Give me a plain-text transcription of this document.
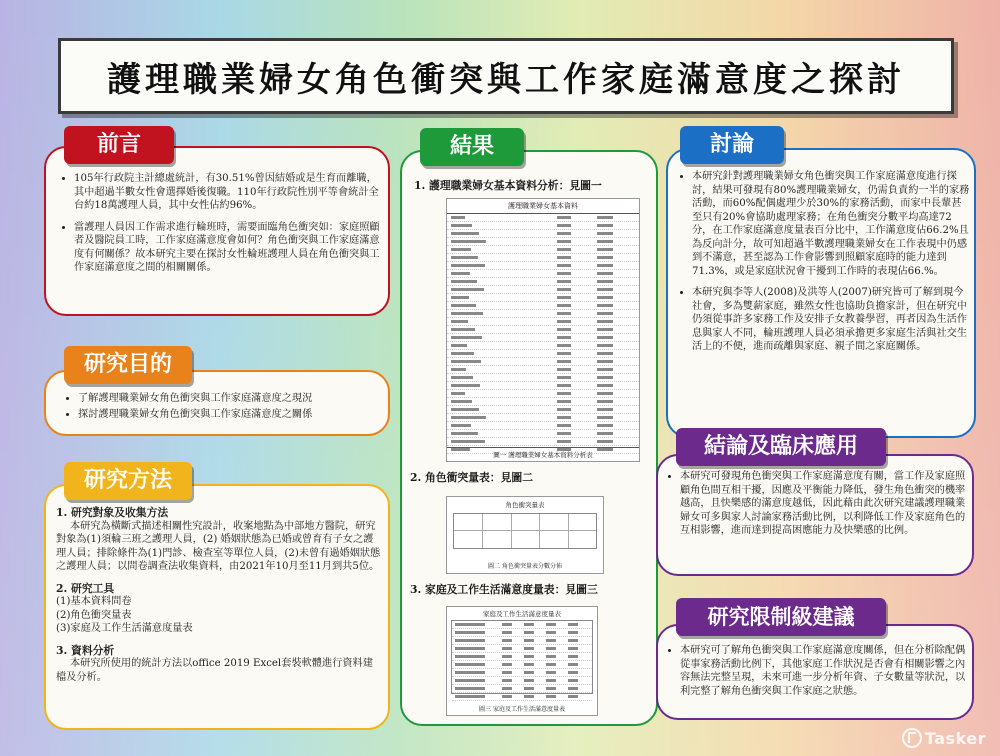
護理職業婦女角色衝突與工作家庭滿意度之探討
前言
• 105年行政院主計總處統計，有30.51%曾因結婚或是生育而離職，其中超過半數女性會選擇婚後復職。110年行政院性別平等會統計全台約18萬護理人員，其中女性佔約96%。
• 當護理人員因工作需求進行輪班時，需要面臨角色衝突如：家庭照顧者及醫院員工時，工作家庭滿意度會如何？角色衝突與工作家庭滿意度有何關係？故本研究主要在探討女性輪班護理人員在角色衝突與工作家庭滿意度之間的相關關係。
研究目的
• 了解護理職業婦女角色衝突與工作家庭滿意度之現況
• 探討護理職業婦女角色衝突與工作家庭滿意度之關係
研究方法

1. 研究對象及收集方法

本研究為橫斷式描述相關性究設計，收案地點為中部地方醫院，研究對象為(1)須輪三班之護理人員，(2) 婚姻狀態為已婚或曾育有子女之護理人員；排除條件為(1)門診、檢查室等單位人員，(2)未曾有過婚姻狀態之護理人員；以問卷調查法收集資料，由2021年10月至11月到共5位。

2. 研究工具

(1)基本資料問卷

(2)角色衝突量表

(3)家庭及工作生活滿意度量表

3. 資料分析

本研究所使用的統計方法以office 2019 Excel套裝軟體進行資料建檔及分析。

結果
1. 護理職業婦女基本資料分析：見圖一
護理職業婦女基本資料
圖一 護理職業婦女基本資料分析表
2. 角色衝突量表：見圖二
角色衝突量表
圖二 角色衝突量表分數分佈
3. 家庭及工作生活滿意度量表：見圖三
家庭及工作生活滿意度量表
圖三 家庭及工作生活滿意度量表
討論
• 本研究針對護理職業婦女角色衝突與工作家庭滿意度進行探討，結果可發現有80%護理職業婦女，仍需負責約一半的家務活動，而60%配偶處理少於30%的家務活動，而家中長輩甚至只有20%會協助處理家務；在角色衝突分數平均高達72分，在工作家庭滿意度量表百分比中，工作滿意度佔66.2%且為反向計分，故可知超過半數護理職業婦女在工作表現中仍感到不滿意，甚至認為工作會影響到照顧家庭時的能力達到71.3%，或是家庭狀況會干擾到工作時的表現佔66.%。
• 本研究與李等人(2008)及洪等人(2007)研究皆可了解到現今社會，多為雙薪家庭，雖然女性也協助負擔家計，但在研究中仍須從事許多家務工作及安排子女教養學習，再者因為生活作息與家人不同，輪班護理人員必須承擔更多家庭生活與社交生活上的不便，進而疏離與家庭、親子間之家庭關係。
結論及臨床應用
• 本研究可發現角色衝突與工作家庭滿意度有關，當工作及家庭照顧角色間互相干擾，因應及平衡能力降低，發生角色衝突的機率越高，且快樂感的滿意度越低，因此藉由此次研究建議護理職業婦女可多與家人討論家務活動比例，以利降低工作及家庭角色的互相影響，進而達到提高困應能力及快樂感的比例。
研究限制級建議
• 本研究可了解角色衝突與工作家庭滿意度關係，但在分析除配偶從事家務活動比例下，其他家庭工作狀況是否會有相關影響之內容無法完整呈現，未來可進一步分析年資、子女數量等狀況，以利完整了解角色衝突與工作家庭之狀態。
Tasker
